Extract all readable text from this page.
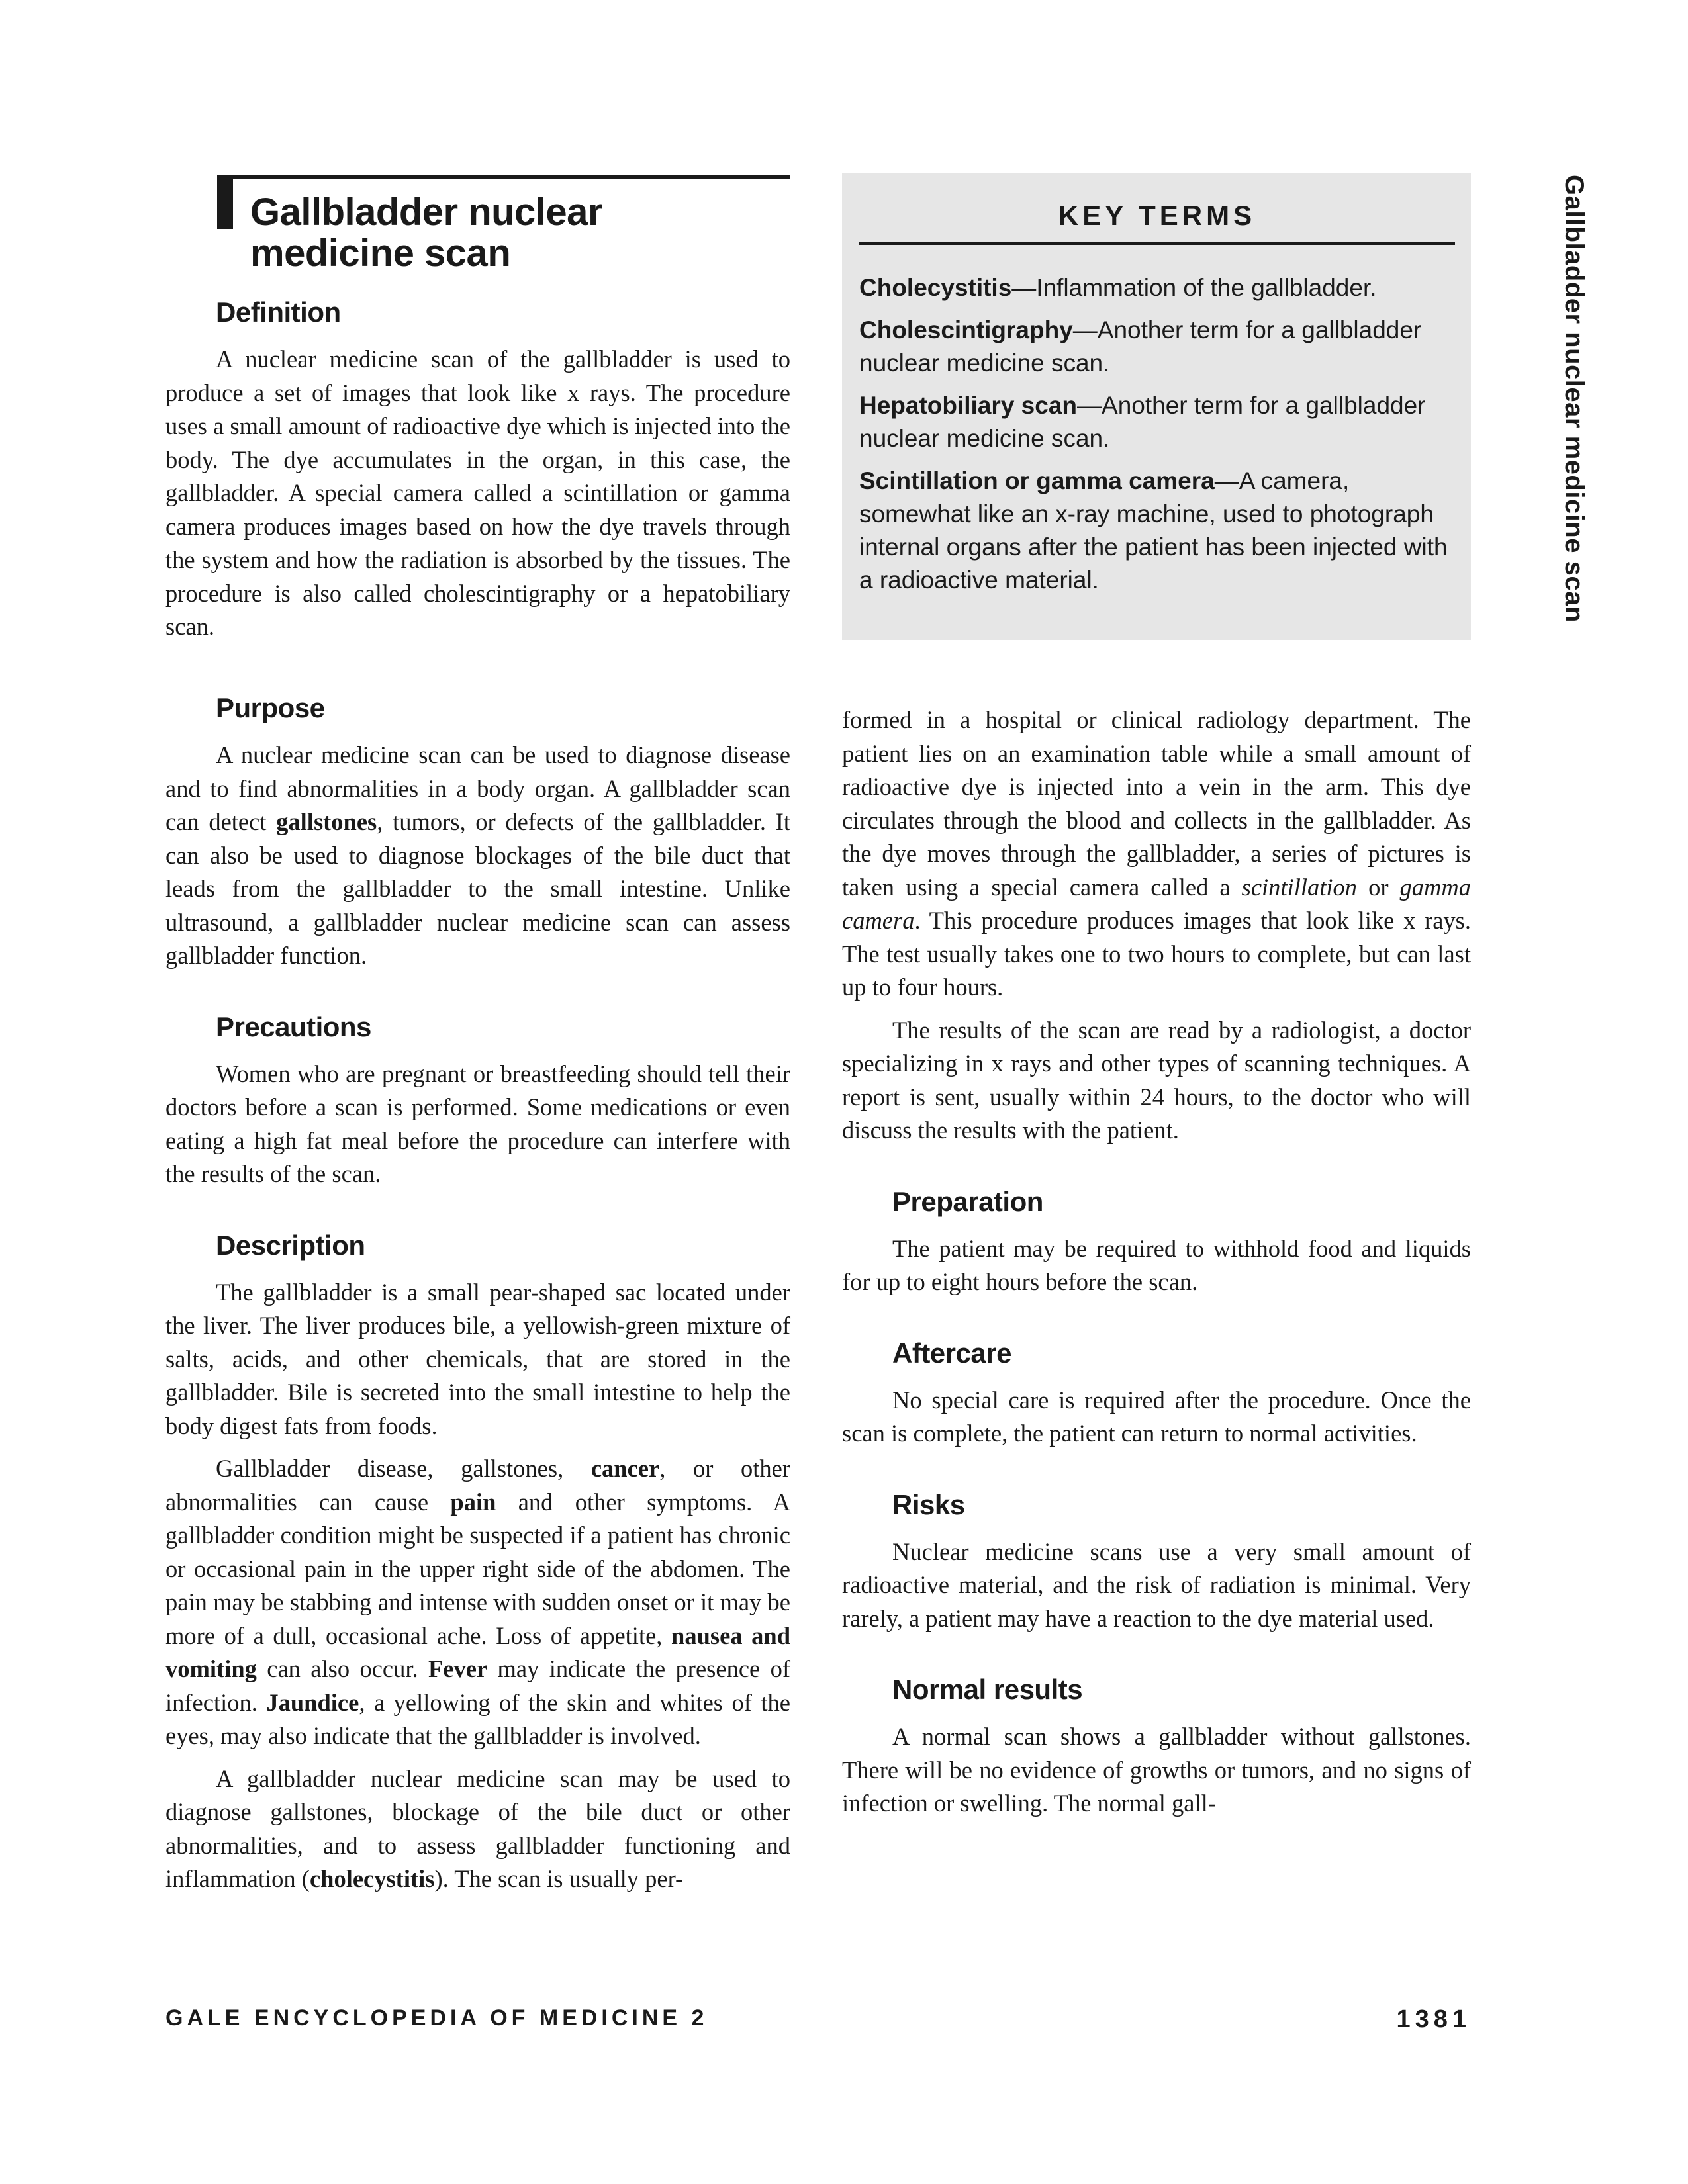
Gallbladder nuclear
medicine scan
Definition

A nuclear medicine scan of the gallbladder is used to produce a set of images that look like x rays. The procedure uses a small amount of radioactive dye which is injected into the body. The dye accumulates in the organ, in this case, the gallbladder. A special camera called a scintillation or gamma camera produces images based on how the dye travels through the system and how the radiation is absorbed by the tissues. The procedure is also called cholescintigraphy or a hepatobiliary scan.

KEY TERMS

Cholecystitis—Inflammation of the gallbladder.

Cholescintigraphy—Another term for a gallbladder nuclear medicine scan.

Hepatobiliary scan—Another term for a gallbladder nuclear medicine scan.

Scintillation or gamma camera—A camera, somewhat like an x-ray machine, used to photograph internal organs after the patient has been injected with a radioactive material.	Gallbladder nuclear medicine scan
Purpose

A nuclear medicine scan can be used to diagnose disease and to find abnormalities in a body organ. A gallbladder scan can detect gallstones, tumors, or defects of the gallbladder. It can also be used to diagnose blockages of the bile duct that leads from the gallbladder to the small intestine. Unlike ultrasound, a gallbladder nuclear medicine scan can assess gallbladder function.

Precautions

Women who are pregnant or breastfeeding should tell their doctors before a scan is performed. Some medications or even eating a high fat meal before the procedure can interfere with the results of the scan.

Description

The gallbladder is a small pear-shaped sac located under the liver. The liver produces bile, a yellowish-green mixture of salts, acids, and other chemicals, that are stored in the gallbladder. Bile is secreted into the small intestine to help the body digest fats from foods.

Gallbladder disease, gallstones, cancer, or other abnormalities can cause pain and other symptoms. A gallbladder condition might be suspected if a patient has chronic or occasional pain in the upper right side of the abdomen. The pain may be stabbing and intense with sudden onset or it may be more of a dull, occasional ache. Loss of appetite, nausea and vomiting can also occur. Fever may indicate the presence of infection. Jaundice, a yellowing of the skin and whites of the eyes, may also indicate that the gallbladder is involved.

A gallbladder nuclear medicine scan may be used to diagnose gallstones, blockage of the bile duct or other abnormalities, and to assess gallbladder functioning and inflammation (cholecystitis). The scan is usually per-

formed in a hospital or clinical radiology department. The patient lies on an examination table while a small amount of radioactive dye is injected into a vein in the arm. This dye circulates through the blood and collects in the gallbladder. As the dye moves through the gallbladder, a series of pictures is taken using a special camera called a scintillation or gamma camera. This procedure produces images that look like x rays. The test usually takes one to two hours to complete, but can last up to four hours.

The results of the scan are read by a radiologist, a doctor specializing in x rays and other types of scanning techniques. A report is sent, usually within 24 hours, to the doctor who will discuss the results with the patient.

Preparation

The patient may be required to withhold food and liquids for up to eight hours before the scan.

Aftercare

No special care is required after the procedure. Once the scan is complete, the patient can return to normal activities.

Risks

Nuclear medicine scans use a very small amount of radioactive material, and the risk of radiation is minimal. Very rarely, a patient may have a reaction to the dye material used.

Normal results

A normal scan shows a gallbladder without gallstones. There will be no evidence of growths or tumors, and no signs of infection or swelling. The normal gall-

GALE ENCYCLOPEDIA OF MEDICINE 2	1381
